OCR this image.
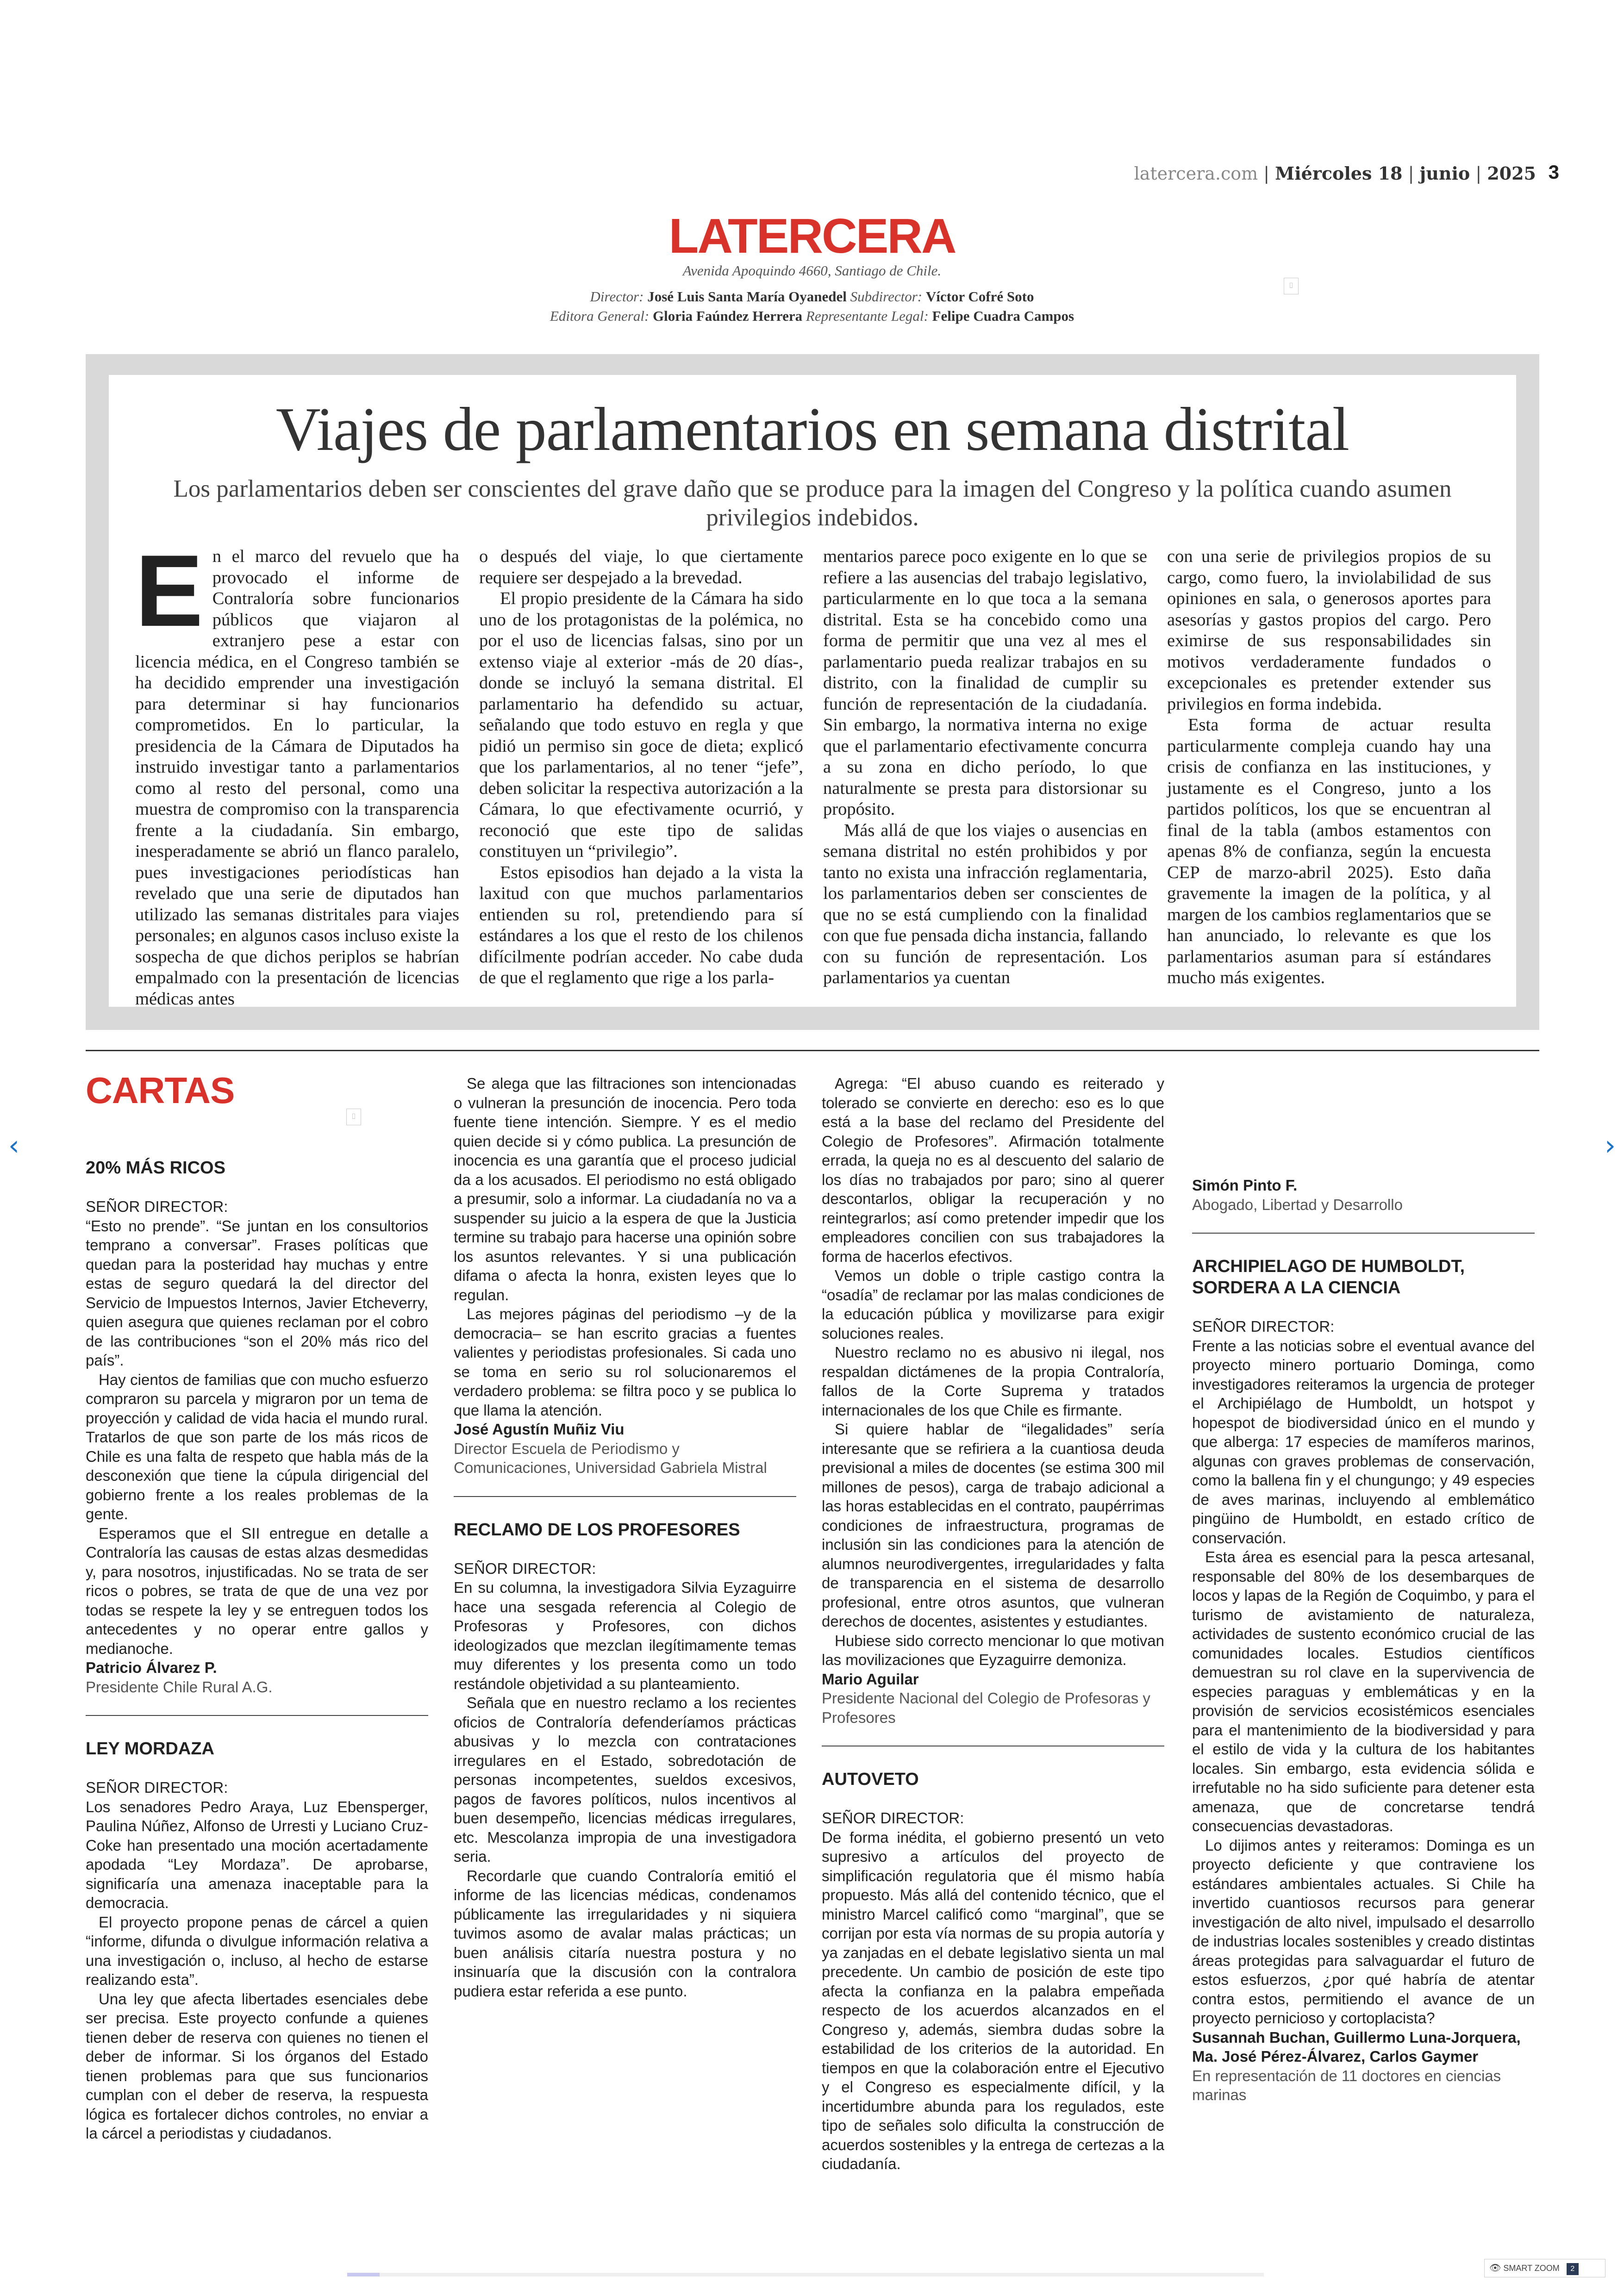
latercera.com | Miércoles 18 | junio | 2025 3
LATERCERA
Avenida Apoquindo 4660, Santiago de Chile.
Director: José Luis Santa María Oyanedel Subdirector: Víctor Cofré Soto
Editora General: Gloria Faúndez Herrera Representante Legal: Felipe Cuadra Campos
⌷
Viajes de parlamentarios en semana distrital
Los parlamentarios deben ser conscientes del grave daño que se produce para la imagen del Congreso y la política cuando asumen privilegios indebidos.

En el marco del revuelo que ha provocado el informe de Contraloría sobre funcionarios públicos que viajaron al extranjero pese a estar con licencia médica, en el Congreso también se ha decidido emprender una investigación para determinar si hay funcionarios comprometidos. En lo particular, la presidencia de la Cámara de Diputados ha instruido investigar tanto a parlamentarios como al resto del personal, como una muestra de compromiso con la transparencia frente a la ciudadanía. Sin embargo, inesperadamente se abrió un flanco paralelo, pues investigaciones periodísticas han revelado que una serie de diputados han utilizado las semanas distritales para viajes personales; en algunos casos incluso existe la sospecha de que dichos periplos se habrían empalmado con la presentación de licencias médicas antes

o después del viaje, lo que ciertamente requiere ser despejado a la brevedad.

El propio presidente de la Cámara ha sido uno de los protagonistas de la polémica, no por el uso de licencias falsas, sino por un extenso viaje al exterior -más de 20 días-, donde se incluyó la semana distrital. El parlamentario ha defendido su actuar, señalando que todo estuvo en regla y que pidió un permiso sin goce de dieta; explicó que los parlamentarios, al no tener “jefe”, deben solicitar la respectiva autorización a la Cámara, lo que efectivamente ocurrió, y reconoció que este tipo de salidas constituyen un “privilegio”.

Estos episodios han dejado a la vista la laxitud con que muchos parlamentarios entienden su rol, pretendiendo para sí estándares a los que el resto de los chilenos difícilmente podrían acceder. No cabe duda de que el reglamento que rige a los parla-

mentarios parece poco exigente en lo que se refiere a las ausencias del trabajo legislativo, particularmente en lo que toca a la semana distrital. Esta se ha concebido como una forma de permitir que una vez al mes el parlamentario pueda realizar trabajos en su distrito, con la finalidad de cumplir su función de representación de la ciudadanía. Sin embargo, la normativa interna no exige que el parlamentario efectivamente concurra a su zona en dicho período, lo que naturalmente se presta para distorsionar su propósito.

Más allá de que los viajes o ausencias en semana distrital no estén prohibidos y por tanto no exista una infracción reglamentaria, los parlamentarios deben ser conscientes de que no se está cumpliendo con la finalidad con que fue pensada dicha instancia, fallando con su función de representación. Los parlamentarios ya cuentan

con una serie de privilegios propios de su cargo, como fuero, la inviolabilidad de sus opiniones en sala, o generosos aportes para asesorías y gastos propios del cargo. Pero eximirse de sus responsabilidades sin motivos verdaderamente fundados o excepcionales es pretender extender sus privilegios en forma indebida.

Esta forma de actuar resulta particularmente compleja cuando hay una crisis de confianza en las instituciones, y justamente es el Congreso, junto a los partidos políticos, los que se encuentran al final de la tabla (ambos estamentos con apenas 8% de confianza, según la encuesta CEP de marzo-abril 2025). Esto daña gravemente la imagen de la política, y al margen de los cambios reglamentarios que se han anunciado, lo relevante es que los parlamentarios asuman para sí estándares mucho más exigentes.

CARTAS
⌷
20% MÁS RICOS

SEÑOR DIRECTOR:

“Esto no prende”. “Se juntan en los consultorios temprano a conversar”. Frases políticas que quedan para la posteridad hay muchas y entre estas de seguro quedará la del director del Servicio de Impuestos Internos, Javier Etcheverry, quien asegura que quienes reclaman por el cobro de las contribuciones “son el 20% más rico del país”.

Hay cientos de familias que con mucho esfuerzo compraron su parcela y migraron por un tema de proyección y calidad de vida hacia el mundo rural. Tratarlos de que son parte de los más ricos de Chile es una falta de respeto que habla más de la desconexión que tiene la cúpula dirigencial del gobierno frente a los reales problemas de la gente.

Esperamos que el SII entregue en detalle a Contraloría las causas de estas alzas desmedidas y, para nosotros, injustificadas. No se trata de ser ricos o pobres, se trata de que de una vez por todas se respete la ley y se entreguen todos los antecedentes y no operar entre gallos y medianoche.

Patricio Álvarez P.

Presidente Chile Rural A.G.

LEY MORDAZA

SEÑOR DIRECTOR:

Los senadores Pedro Araya, Luz Ebensperger, Paulina Núñez, Alfonso de Urresti y Luciano Cruz-Coke han presentado una moción acertadamente apodada “Ley Mordaza”. De aprobarse, significaría una amenaza inaceptable para la democracia.

El proyecto propone penas de cárcel a quien “informe, difunda o divulgue información relativa a una investigación o, incluso, al hecho de estarse realizando esta”.

Una ley que afecta libertades esenciales debe ser precisa. Este proyecto confunde a quienes tienen deber de reserva con quienes no tienen el deber de informar. Si los órganos del Estado tienen problemas para que sus funcionarios cumplan con el deber de reserva, la respuesta lógica es fortalecer dichos controles, no enviar a la cárcel a periodistas y ciudadanos.

Se alega que las filtraciones son intencionadas o vulneran la presunción de inocencia. Pero toda fuente tiene intención. Siempre. Y es el medio quien decide si y cómo publica. La presunción de inocencia es una garantía que el proceso judicial da a los acusados. El periodismo no está obligado a presumir, solo a informar. La ciudadanía no va a suspender su juicio a la espera de que la Justicia termine su trabajo para hacerse una opinión sobre los asuntos relevantes. Y si una publicación difama o afecta la honra, existen leyes que lo regulan.

Las mejores páginas del periodismo –y de la democracia– se han escrito gracias a fuentes valientes y periodistas profesionales. Si cada uno se toma en serio su rol solucionaremos el verdadero problema: se filtra poco y se publica lo que llama la atención.

José Agustín Muñiz Viu

Director Escuela de Periodismo y Comunicaciones, Universidad Gabriela Mistral

RECLAMO DE LOS PROFESORES

SEÑOR DIRECTOR:

En su columna, la investigadora Silvia Eyzaguirre hace una sesgada referencia al Colegio de Profesoras y Profesores, con dichos ideologizados que mezclan ilegítimamente temas muy diferentes y los presenta como un todo restándole objetividad a su planteamiento.

Señala que en nuestro reclamo a los recientes oficios de Contraloría defenderíamos prácticas abusivas y lo mezcla con contrataciones irregulares en el Estado, sobredotación de personas incompetentes, sueldos excesivos, pagos de favores políticos, nulos incentivos al buen desempeño, licencias médicas irregulares, etc. Mescolanza impropia de una investigadora seria.

Recordarle que cuando Contraloría emitió el informe de las licencias médicas, condenamos públicamente las irregularidades y ni siquiera tuvimos asomo de avalar malas prácticas; un buen análisis citaría nuestra postura y no insinuaría que la discusión con la contralora pudiera estar referida a ese punto.

Agrega: “El abuso cuando es reiterado y tolerado se convierte en derecho: eso es lo que está a la base del reclamo del Presidente del Colegio de Profesores”. Afirmación totalmente errada, la queja no es al descuento del salario de los días no trabajados por paro; sino al querer descontarlos, obligar la recuperación y no reintegrarlos; así como pretender impedir que los empleadores concilien con sus trabajadores la forma de hacerlos efectivos.

Vemos un doble o triple castigo contra la “osadía” de reclamar por las malas condiciones de la educación pública y movilizarse para exigir soluciones reales.

Nuestro reclamo no es abusivo ni ilegal, nos respaldan dictámenes de la propia Contraloría, fallos de la Corte Suprema y tratados internacionales de los que Chile es firmante.

Si quiere hablar de “ilegalidades” sería interesante que se refiriera a la cuantiosa deuda previsional a miles de docentes (se estima 300 mil millones de pesos), carga de trabajo adicional a las horas establecidas en el contrato, paupérrimas condiciones de infraestructura, programas de inclusión sin las condiciones para la atención de alumnos neurodivergentes, irregularidades y falta de transparencia en el sistema de desarrollo profesional, entre otros asuntos, que vulneran derechos de docentes, asistentes y estudiantes.

Hubiese sido correcto mencionar lo que motivan las movilizaciones que Eyzaguirre demoniza.

Mario Aguilar

Presidente Nacional del Colegio de Profesoras y Profesores

AUTOVETO

SEÑOR DIRECTOR:

De forma inédita, el gobierno presentó un veto supresivo a artículos del proyecto de simplificación regulatoria que él mismo había propuesto. Más allá del contenido técnico, que el ministro Marcel calificó como “marginal”, que se corrijan por esta vía normas de su propia autoría y ya zanjadas en el debate legislativo sienta un mal precedente. Un cambio de posición de este tipo afecta la confianza en la palabra empeñada respecto de los acuerdos alcanzados en el Congreso y, además, siembra dudas sobre la estabilidad de los criterios de la autoridad. En tiempos en que la colaboración entre el Ejecutivo y el Congreso es especialmente difícil, y la incertidumbre abunda para los regulados, este tipo de señales solo dificulta la construcción de acuerdos sostenibles y la entrega de certezas a la ciudadanía.

Simón Pinto F.

Abogado, Libertad y Desarrollo

ARCHIPIELAGO DE HUMBOLDT, SORDERA A LA CIENCIA

SEÑOR DIRECTOR:

Frente a las noticias sobre el eventual avance del proyecto minero portuario Dominga, como investigadores reiteramos la urgencia de proteger el Archipiélago de Humboldt, un hotspot y hopespot de biodiversidad único en el mundo y que alberga: 17 especies de mamíferos marinos, algunas con graves problemas de conservación, como la ballena fin y el chungungo; y 49 especies de aves marinas, incluyendo al emblemático pingüino de Humboldt, en estado crítico de conservación.

Esta área es esencial para la pesca artesanal, responsable del 80% de los desembarques de locos y lapas de la Región de Coquimbo, y para el turismo de avistamiento de naturaleza, actividades de sustento económico crucial de las comunidades locales. Estudios científicos demuestran su rol clave en la supervivencia de especies paraguas y emblemáticas y en la provisión de servicios ecosistémicos esenciales para el mantenimiento de la biodiversidad y para el estilo de vida y la cultura de los habitantes locales. Sin embargo, esta evidencia sólida e irrefutable no ha sido suficiente para detener esta amenaza, que de concretarse tendrá consecuencias devastadoras.

Lo dijimos antes y reiteramos: Dominga es un proyecto deficiente y que contraviene los estándares ambientales actuales. Si Chile ha invertido cuantiosos recursos para generar investigación de alto nivel, impulsado el desarrollo de industrias locales sostenibles y creado distintas áreas protegidas para salvaguardar el futuro de estos esfuerzos, ¿por qué habría de atentar contra estos, permitiendo el avance de un proyecto pernicioso y cortoplacista?

Susannah Buchan, Guillermo Luna-Jorquera, Ma. José Pérez-Álvarez, Carlos Gaymer

En representación de 11 doctores en ciencias marinas

‹	›
👁 SMART ZOOM 2
